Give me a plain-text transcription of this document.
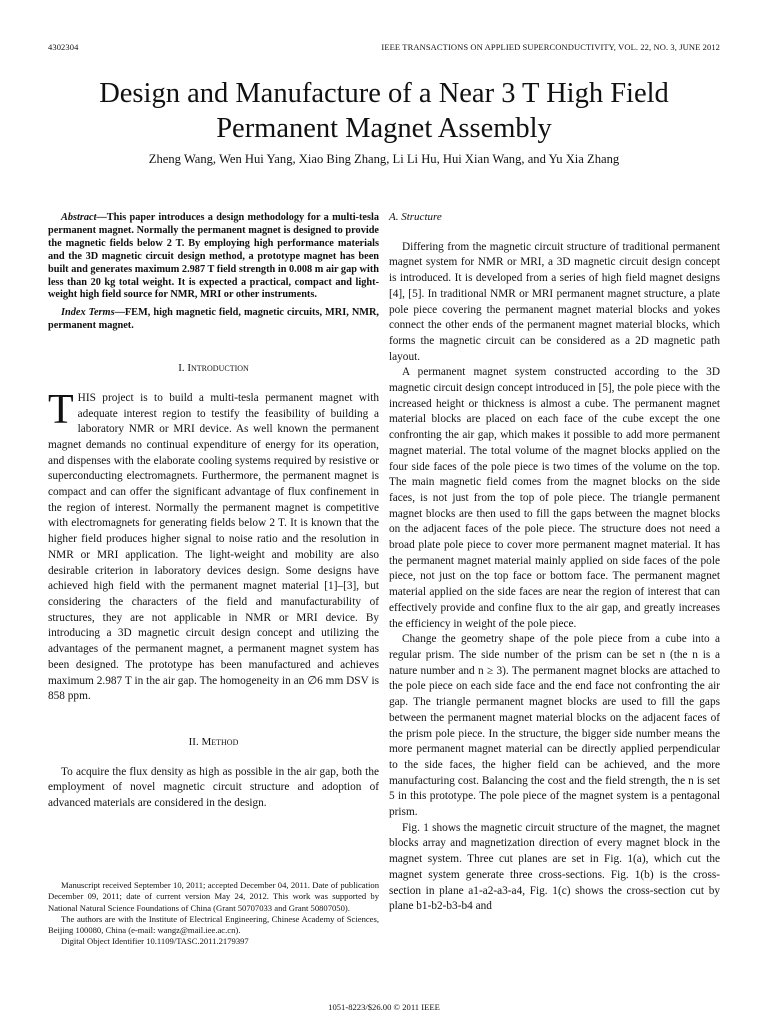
4302304	IEEE TRANSACTIONS ON APPLIED SUPERCONDUCTIVITY, VOL. 22, NO. 3, JUNE 2012
Design and Manufacture of a Near 3 T High Field Permanent Magnet Assembly
Zheng Wang, Wen Hui Yang, Xiao Bing Zhang, Li Li Hu, Hui Xian Wang, and Yu Xia Zhang

Abstract—This paper introduces a design methodology for a multi-tesla permanent magnet. Normally the permanent magnet is designed to provide the magnetic fields below 2 T. By employing high performance materials and the 3D magnetic circuit design method, a prototype magnet has been built and generates maximum 2.987 T field strength in 0.008 m air gap with less than 20 kg total weight. It is expected a practical, compact and light-weight high field source for NMR, MRI or other instruments.

Index Terms—FEM, high magnetic field, magnetic circuits, MRI, NMR, permanent magnet.

I. Introduction

THIS project is to build a multi-tesla permanent magnet with adequate interest region to testify the feasibility of building a laboratory NMR or MRI device. As well known the permanent magnet demands no continual expenditure of energy for its operation, and dispenses with the elaborate cooling systems required by resistive or superconducting electromagnets. Furthermore, the permanent magnet is compact and can offer the significant advantage of flux confinement in the region of interest. Normally the permanent magnet is competitive with electromagnets for generating fields below 2 T. It is known that the higher field produces higher signal to noise ratio and the resolution in NMR or MRI application. The light-weight and mobility are also desirable criterion in laboratory devices design. Some designs have achieved high field with the permanent magnet material [1]–[3], but considering the characters of the field and manufacturability of structures, they are not applicable in NMR or MRI device. By introducing a 3D magnetic circuit design concept and utilizing the advantages of the permanent magnet, a permanent magnet system has been designed. The prototype has been manufactured and achieves maximum 2.987 T in the air gap. The homogeneity in an ∅6 mm DSV is 858 ppm.

II. Method

To acquire the flux density as high as possible in the air gap, both the employment of novel magnetic circuit structure and adoption of advanced materials are considered in the design.

Manuscript received September 10, 2011; accepted December 04, 2011. Date of publication December 09, 2011; date of current version May 24, 2012. This work was supported by National Natural Science Foundations of China (Grant 50707033 and Grant 50807050).

The authors are with the Institute of Electrical Engineering, Chinese Academy of Sciences, Beijing 100080, China (e-mail: wangz@mail.iee.ac.cn).

Digital Object Identifier 10.1109/TASC.2011.2179397

A. Structure

Differing from the magnetic circuit structure of traditional permanent magnet system for NMR or MRI, a 3D magnetic circuit design concept is introduced. It is developed from a series of high field magnet designs [4], [5]. In traditional NMR or MRI permanent magnet structure, a plate pole piece covering the permanent magnet material blocks and yokes connect the other ends of the permanent magnet material blocks, which forms the magnetic circuit can be considered as a 2D magnetic path layout.

A permanent magnet system constructed according to the 3D magnetic circuit design concept introduced in [5], the pole piece with the increased height or thickness is almost a cube. The permanent magnet material blocks are placed on each face of the cube except the one confronting the air gap, which makes it possible to add more permanent magnet material. The total volume of the magnet blocks applied on the four side faces of the pole piece is two times of the volume on the top. The main magnetic field comes from the magnet blocks on the side faces, is not just from the top of pole piece. The triangle permanent magnet blocks are then used to fill the gaps between the magnet blocks on the adjacent faces of the pole piece. The structure does not need a broad plate pole piece to cover more permanent magnet material. It has the permanent magnet material mainly applied on side faces of the pole piece, not just on the top face or bottom face. The permanent magnet material applied on the side faces are near the region of interest that can effectively provide and confine flux to the air gap, and greatly increases the efficiency in weight of the pole piece.

Change the geometry shape of the pole piece from a cube into a regular prism. The side number of the prism can be set n (the n is a nature number and n ≥ 3). The permanent magnet blocks are attached to the pole piece on each side face and the end face not confronting the air gap. The triangle permanent magnet blocks are used to fill the gaps between the permanent magnet material blocks on the adjacent faces of the prism pole piece. In the structure, the bigger side number means the more permanent magnet material can be directly applied perpendicular to the side faces, the higher field can be achieved, and the more manufacturing cost. Balancing the cost and the field strength, the n is set 5 in this prototype. The pole piece of the magnet system is a pentagonal prism.

Fig. 1 shows the magnetic circuit structure of the magnet, the magnet blocks array and magnetization direction of every magnet block in the magnet system. Three cut planes are set in Fig. 1(a), which cut the magnet system generate three cross-sections. Fig. 1(b) is the cross-section in plane a1-a2-a3-a4, Fig. 1(c) shows the cross-section cut by plane b1-b2-b3-b4 and

1051-8223/$26.00 © 2011 IEEE
